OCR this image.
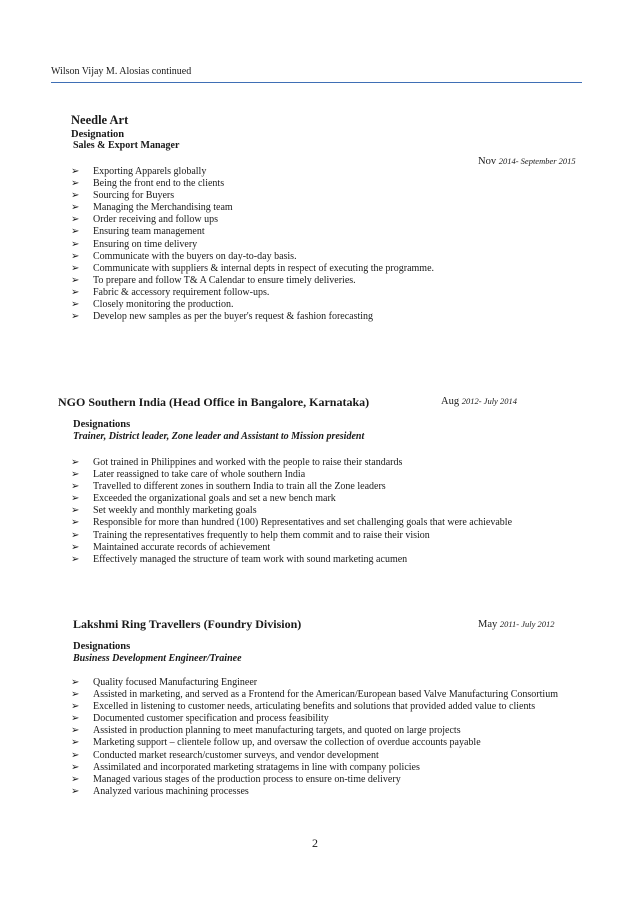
Wilson Vijay M. Alosias continued
Needle Art
Designation
Sales & Export Manager
Nov 2014- September 2015
➢ Exporting Apparels globally
➢ Being the front end to the clients
➢ Sourcing for Buyers
➢ Managing the Merchandising team
➢ Order receiving and follow ups
➢ Ensuring team management
➢ Ensuring on time delivery
➢ Communicate with the buyers on day-to-day basis.
➢ Communicate with suppliers & internal depts in respect of executing the programme.
➢ To prepare and follow T& A Calendar to ensure timely deliveries.
➢ Fabric & accessory requirement follow-ups.
➢ Closely monitoring the production.
➢ Develop new samples as per the buyer's request & fashion forecasting
NGO Southern India (Head Office in Bangalore, Karnataka)	Aug 2012- July 2014
Designations
Trainer, District leader, Zone leader and Assistant to Mission president
➢ Got trained in Philippines and worked with the people to raise their standards
➢ Later reassigned to take care of whole southern India
➢ Travelled to different zones in southern India to train all the Zone leaders
➢ Exceeded the organizational goals and set a new bench mark
➢ Set weekly and monthly marketing goals
➢ Responsible for more than hundred (100) Representatives and set challenging goals that were achievable
➢ Training the representatives frequently to help them commit and to raise their vision
➢ Maintained accurate records of achievement
➢ Effectively managed the structure of team work with sound marketing acumen
Lakshmi Ring Travellers (Foundry Division)	May 2011- July 2012
Designations
Business Development Engineer/Trainee
➢ Quality focused Manufacturing Engineer
➢ Assisted in marketing, and served as a Frontend for the American/European based Valve Manufacturing Consortium
➢ Excelled in listening to customer needs, articulating benefits and solutions that provided added value to clients
➢ Documented customer specification and process feasibility
➢ Assisted in production planning to meet manufacturing targets, and quoted on large projects
➢ Marketing support – clientele follow up, and oversaw the collection of overdue accounts payable
➢ Conducted market research/customer surveys, and vendor development
➢ Assimilated and incorporated marketing stratagems in line with company policies
➢ Managed various stages of the production process to ensure on-time delivery
➢ Analyzed various machining processes
2
